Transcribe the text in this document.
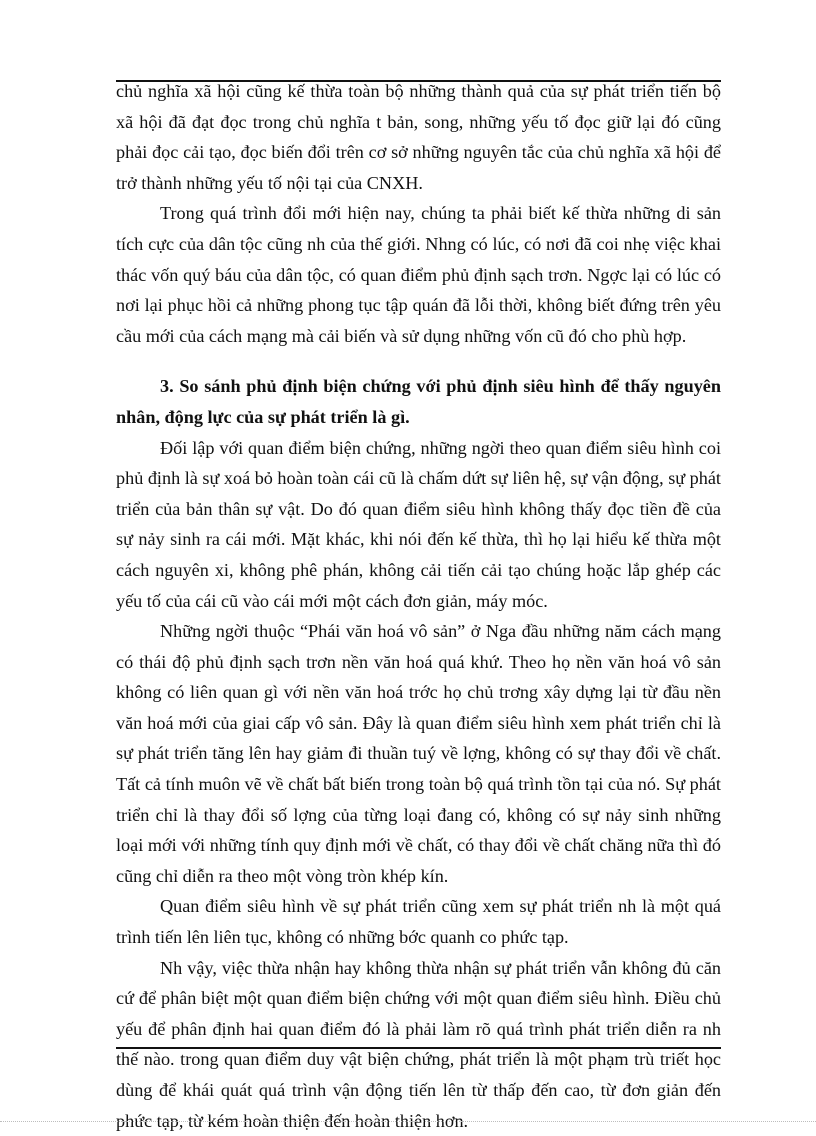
chủ nghĩa xã hội cũng kế thừa toàn bộ những thành quả của sự phát triển tiến bộ xã hội đã đạt đọc trong chủ nghĩa t bản, song, những yếu tố đọc giữ lại đó cũng phải đọc cải tạo, đọc biến đổi trên cơ sở những nguyên tắc của chủ nghĩa xã hội để trở thành những yếu tố nội tại của CNXH.

Trong quá trình đổi mới hiện nay, chúng ta phải biết kế thừa những di sản tích cực của dân tộc cũng nh của thế giới. Nhng có lúc, có nơi đã coi nhẹ việc khai thác vốn quý báu của dân tộc, có quan điểm phủ định sạch trơn. Ngợc lại có lúc có nơi lại phục hồi cả những phong tục tập quán đã lỗi thời, không biết đứng trên yêu cầu mới của cách mạng mà cải biến và sử dụng những vốn cũ đó cho phù hợp.

3. So sánh phủ định biện chứng với phủ định siêu hình để thấy nguyên nhân, động lực của sự phát triển là gì.

Đối lập với quan điểm biện chứng, những ngời theo quan điểm siêu hình coi phủ định là sự xoá bỏ hoàn toàn cái cũ là chấm dứt sự liên hệ, sự vận động, sự phát triển của bản thân sự vật. Do đó quan điểm siêu hình không thấy đọc tiền đề của sự nảy sinh ra cái mới. Mặt khác, khi nói đến kế thừa, thì họ lại hiểu kế thừa một cách nguyên xi, không phê phán, không cải tiến cải tạo chúng hoặc lắp ghép các yếu tố của cái cũ vào cái mới một cách đơn giản, máy móc.

Những ngời thuộc “Phái văn hoá vô sản” ở Nga đầu những năm cách mạng có thái độ phủ định sạch trơn nền văn hoá quá khứ. Theo họ nền văn hoá vô sản không có liên quan gì với nền văn hoá trớc họ chủ trơng xây dựng lại từ đầu nền văn hoá mới của giai cấp vô sản. Đây là quan điểm siêu hình xem phát triển chỉ là sự phát triển tăng lên hay giảm đi thuần tuý về lợng, không có sự thay đổi về chất. Tất cả tính muôn vẽ về chất bất biến trong toàn bộ quá trình tồn tại của nó. Sự phát triển chỉ là thay đổi số lợng của từng loại đang có, không có sự nảy sinh những loại mới với những tính quy định mới về chất, có thay đổi về chất chăng nữa thì đó cũng chỉ diễn ra theo một vòng tròn khép kín.

Quan điểm siêu hình về sự phát triển cũng xem sự phát triển nh là một quá trình tiến lên liên tục, không có những bớc quanh co phức tạp.

Nh vậy, việc thừa nhận hay không thừa nhận sự phát triển vẫn không đủ căn cứ để phân biệt một quan điểm biện chứng với một quan điểm siêu hình. Điều chủ yếu để phân định hai quan điểm đó là phải làm rõ quá trình phát triển diễn ra nh thế nào. trong quan điểm duy vật biện chứng, phát triển là một phạm trù triết học dùng để khái quát quá trình vận động tiến lên từ thấp đến cao, từ đơn giản đến phức tạp, từ kém hoàn thiện đến hoàn thiện hơn.
